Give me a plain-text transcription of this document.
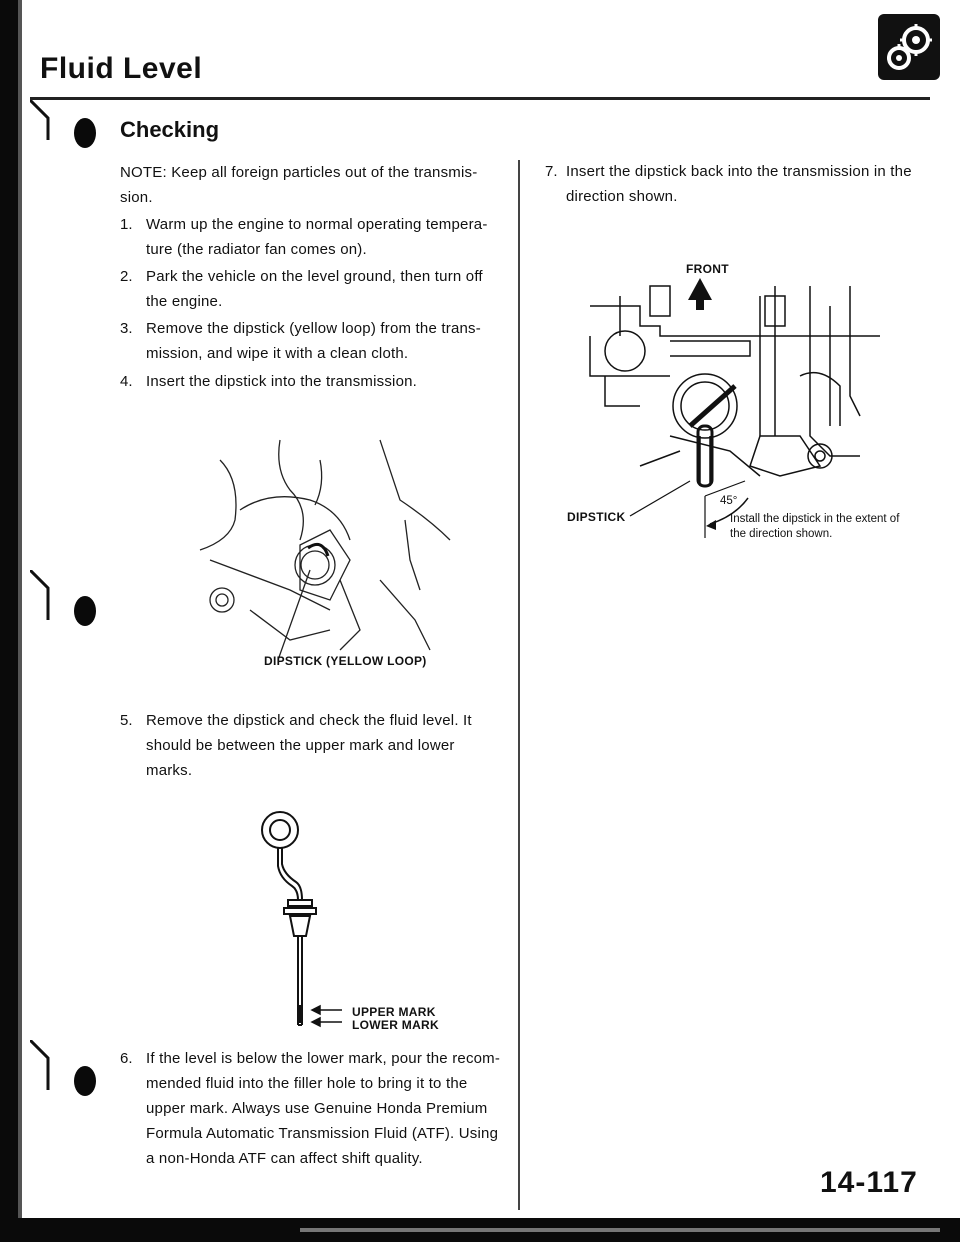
Fluid Level
Checking
NOTE: Keep all foreign particles out of the transmis-sion.
1. Warm up the engine to normal operating tempera-ture (the radiator fan comes on).
2. Park the vehicle on the level ground, then turn off the engine.
3. Remove the dipstick (yellow loop) from the trans-mission, and wipe it with a clean cloth.
4. Insert the dipstick into the transmission.
DIPSTICK (YELLOW LOOP)
5. Remove the dipstick and check the fluid level. It should be between the upper mark and lower marks.
UPPER MARK
LOWER MARK
6. If the level is below the lower mark, pour the recom-mended fluid into the filler hole to bring it to the upper mark. Always use Genuine Honda Premium Formula Automatic Transmission Fluid (ATF). Using a non-Honda ATF can affect shift quality.
7. Insert the dipstick back into the transmission in the direction shown.
FRONT
DIPSTICK
45°
Install the dipstick in the extent of the direction shown.
14-117
